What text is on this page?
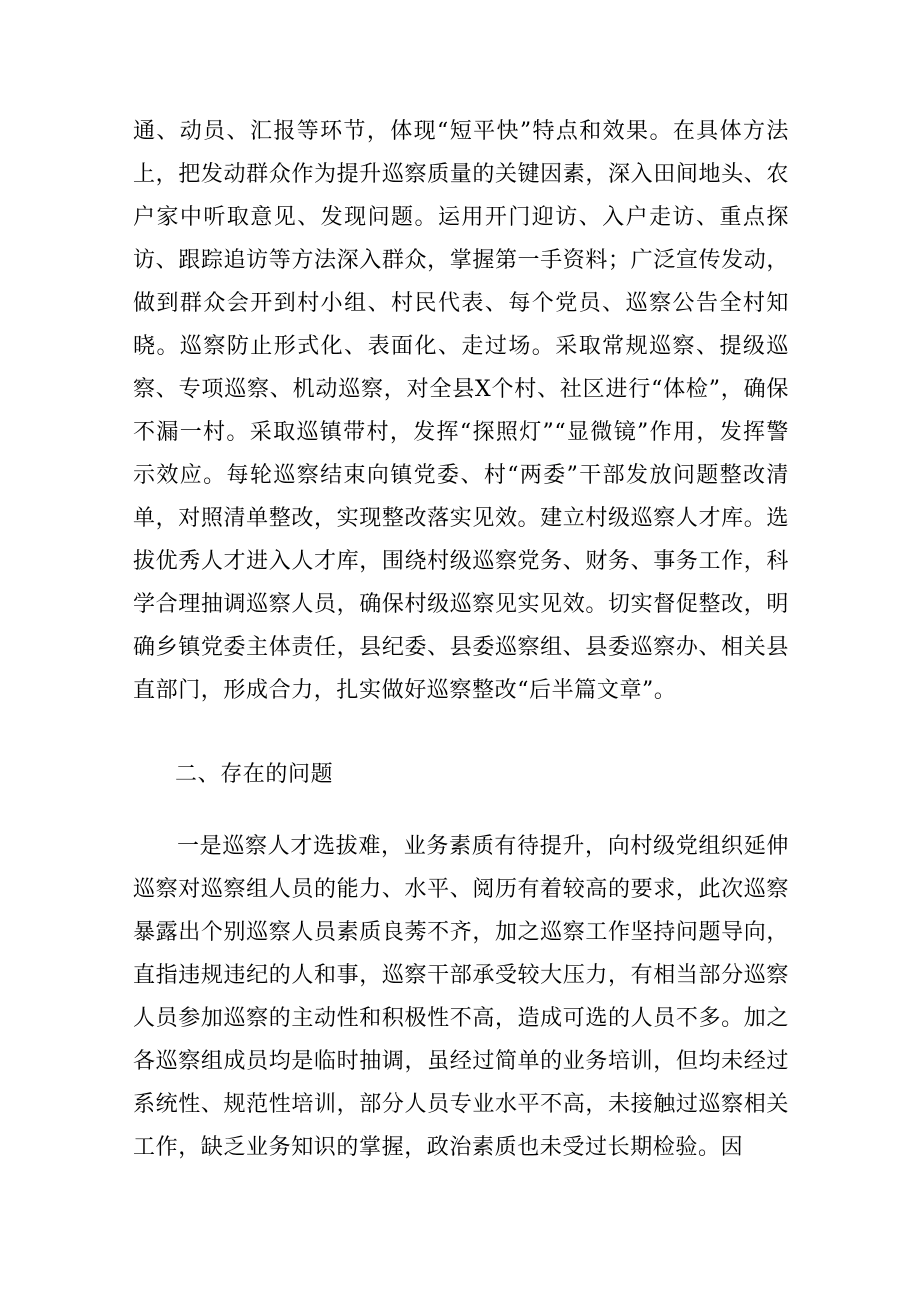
通、动员、汇报等环节，体现“短平快”特点和效果。在具体方法上，把发动群众作为提升巡察质量的关键因素，深入田间地头、农户家中听取意见、发现问题。运用开门迎访、入户走访、重点探访、跟踪追访等方法深入群众，掌握第一手资料；广泛宣传发动，做到群众会开到村小组、村民代表、每个党员、巡察公告全村知晓。巡察防止形式化、表面化、走过场。采取常规巡察、提级巡察、专项巡察、机动巡察，对全县X个村、社区进行“体检”，确保不漏一村。采取巡镇带村，发挥“探照灯”“显微镜”作用，发挥警示效应。每轮巡察结束向镇党委、村“两委”干部发放问题整改清单，对照清单整改，实现整改落实见效。建立村级巡察人才库。选拔优秀人才进入人才库，围绕村级巡察党务、财务、事务工作，科学合理抽调巡察人员，确保村级巡察见实见效。切实督促整改，明确乡镇党委主体责任，县纪委、县委巡察组、县委巡察办、相关县直部门，形成合力，扎实做好巡察整改“后半篇文章”。

二、存在的问题

一是巡察人才选拔难，业务素质有待提升，向村级党组织延伸巡察对巡察组人员的能力、水平、阅历有着较高的要求，此次巡察暴露出个别巡察人员素质良莠不齐，加之巡察工作坚持问题导向，直指违规违纪的人和事，巡察干部承受较大压力，有相当部分巡察人员参加巡察的主动性和积极性不高，造成可选的人员不多。加之各巡察组成员均是临时抽调，虽经过简单的业务培训，但均未经过系统性、规范性培训，部分人员专业水平不高，未接触过巡察相关工作，缺乏业务知识的掌握，政治素质也未受过长期检验。因
